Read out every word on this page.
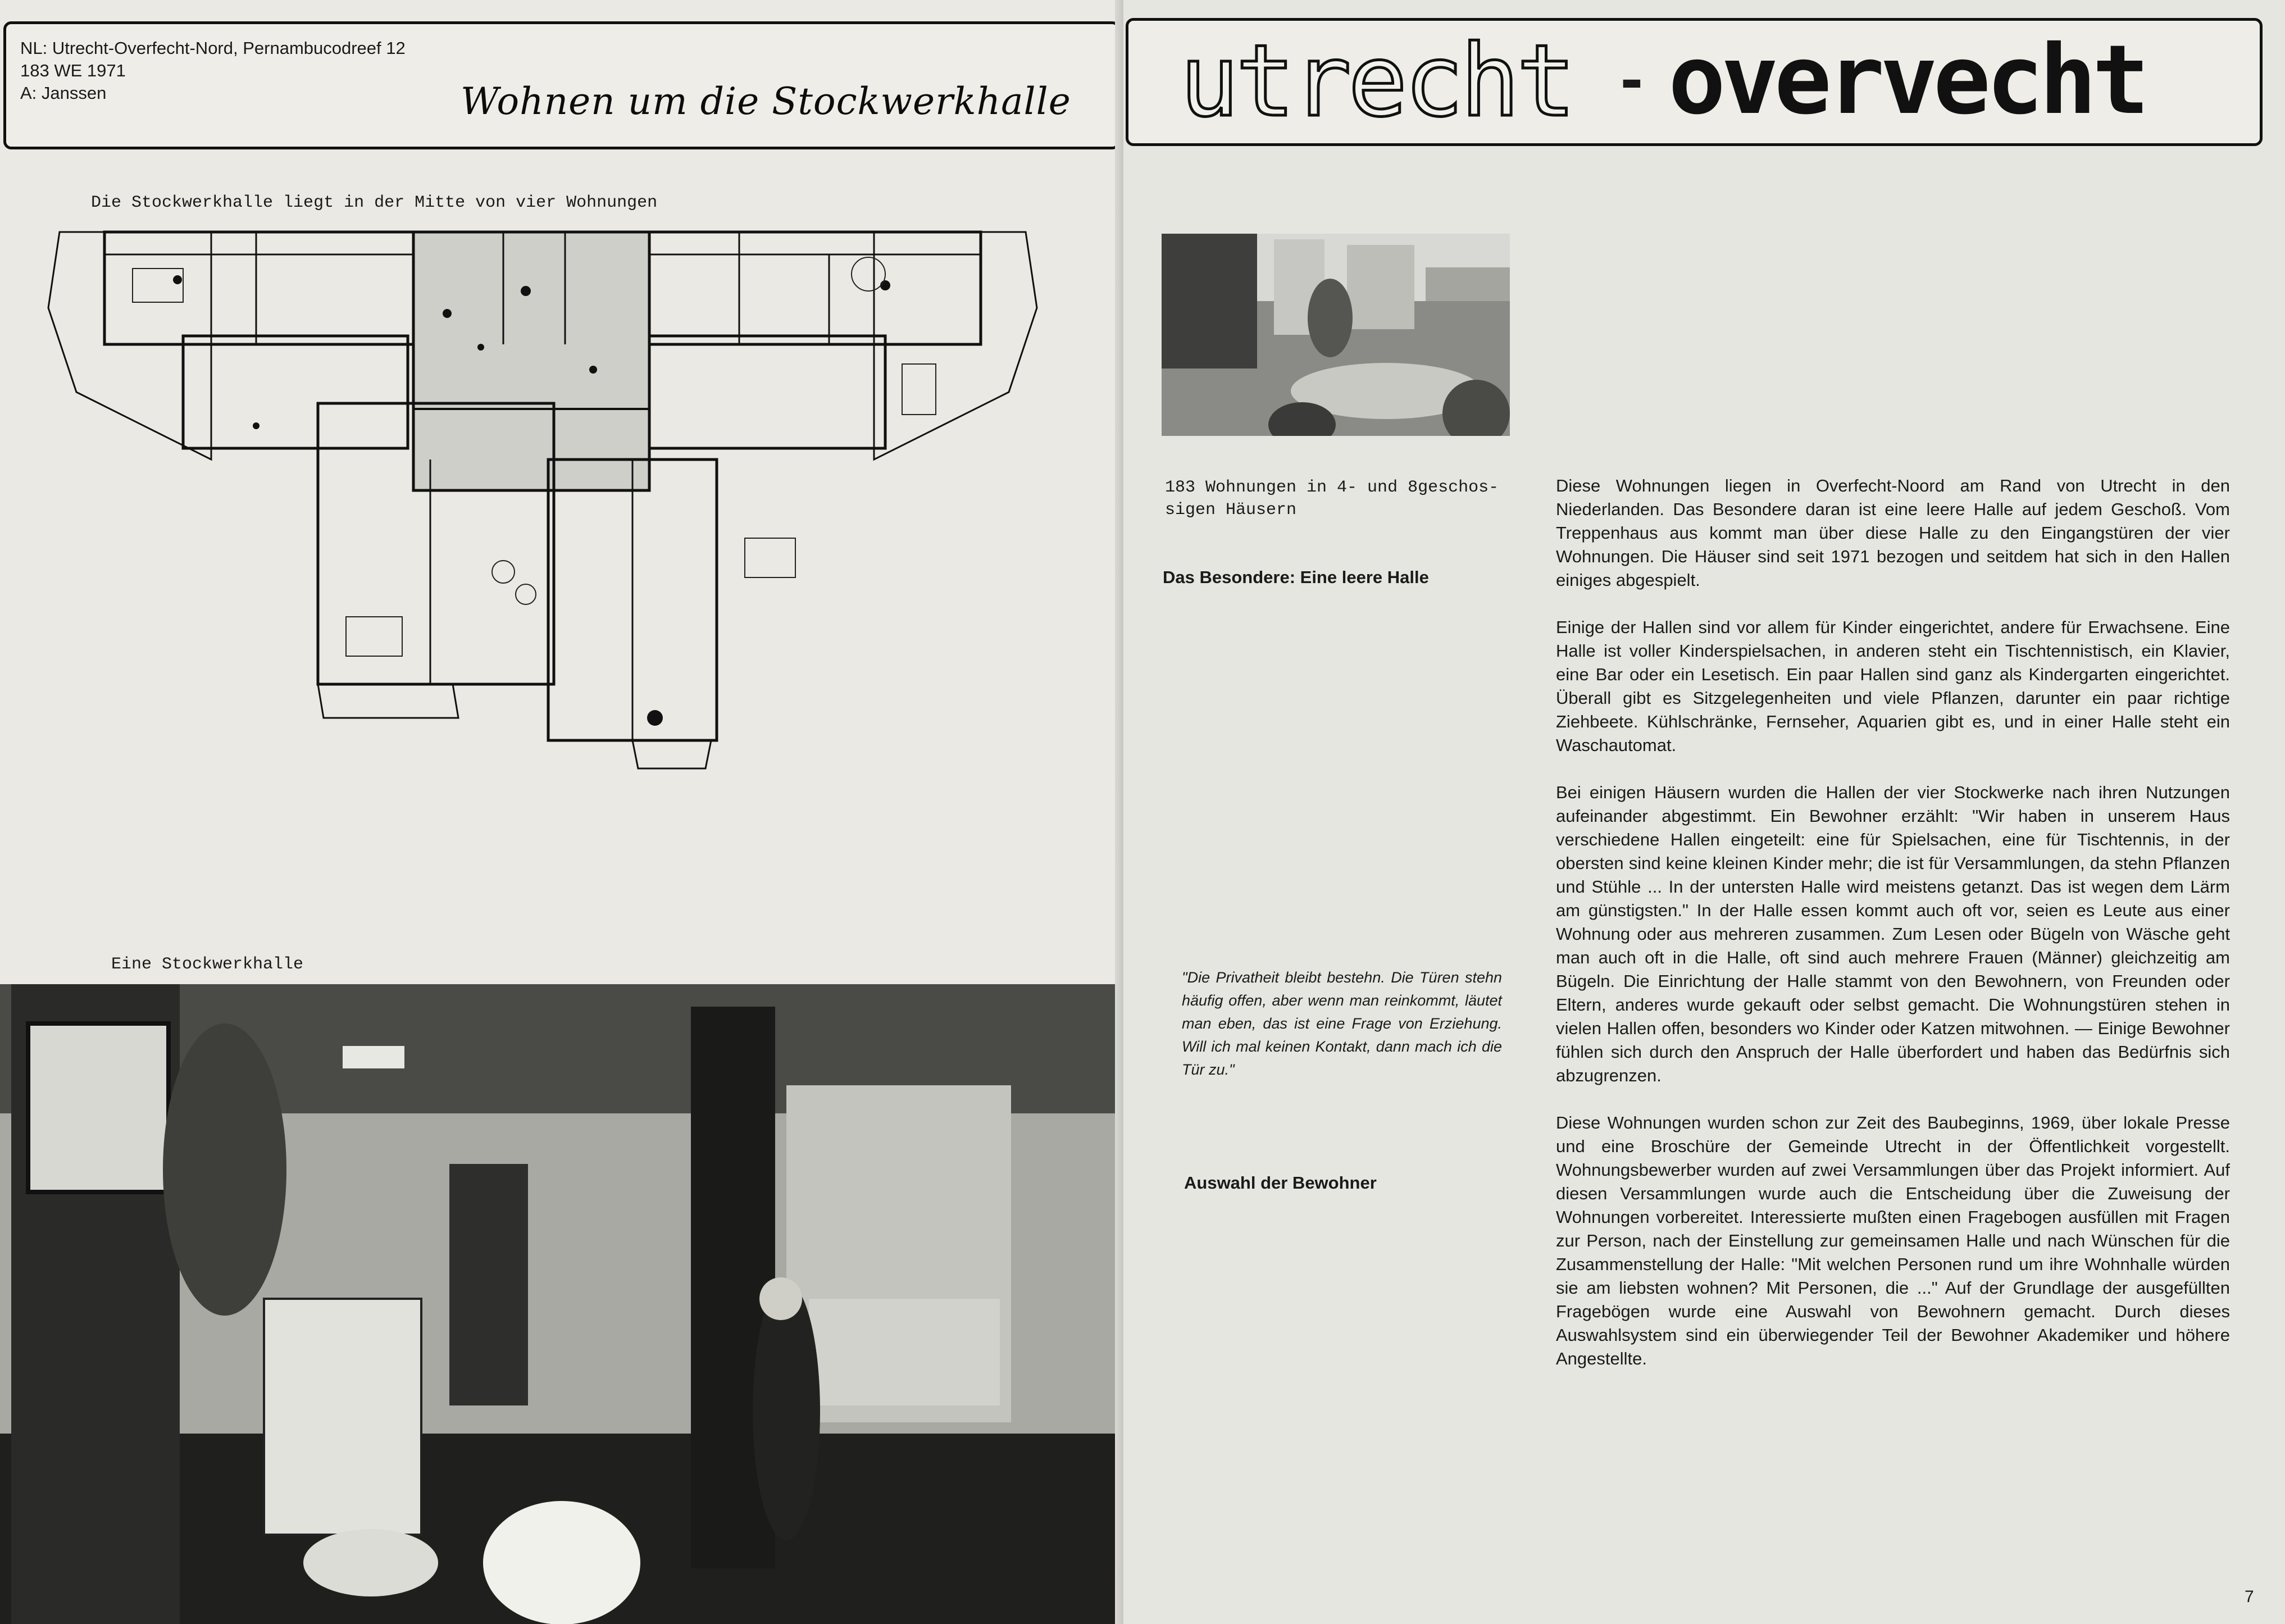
NL: Utrecht-Overfecht-Nord, Pernambucodreef 12
183 WE 1971
A: Janssen	Wohnen um die Stockwerkhalle
Die Stockwerkhalle liegt in der Mitte von vier Wohnungen
Eine Stockwerkhalle
utrecht - overvecht
183 Wohnungen in 4- und 8geschos-
sigen Häusern
Das Besondere: Eine leere Halle
"Die Privatheit bleibt bestehn. Die Türen stehn häufig offen, aber wenn man reinkommt, läutet man eben, das ist eine Frage von Erziehung. Will ich mal keinen Kontakt, dann mach ich die Tür zu."
Auswahl der Bewohner

Diese Wohnungen liegen in Overfecht-Noord am Rand von Utrecht in den Niederlanden. Das Besondere daran ist eine leere Halle auf jedem Geschoß. Vom Treppenhaus aus kommt man über diese Halle zu den Eingangstüren der vier Wohnungen. Die Häuser sind seit 1971 bezogen und seitdem hat sich in den Hallen einiges abgespielt.

Einige der Hallen sind vor allem für Kinder eingerichtet, andere für Erwachsene. Eine Halle ist voller Kinderspielsachen, in anderen steht ein Tischtennistisch, ein Klavier, eine Bar oder ein Lesetisch. Ein paar Hallen sind ganz als Kindergarten eingerichtet. Überall gibt es Sitzgelegenheiten und viele Pflanzen, darunter ein paar richtige Ziehbeete. Kühlschränke, Fernseher, Aquarien gibt es, und in einer Halle steht ein Waschautomat.

Bei einigen Häusern wurden die Hallen der vier Stockwerke nach ihren Nutzungen aufeinander abgestimmt. Ein Bewohner erzählt: "Wir haben in unserem Haus verschiedene Hallen eingeteilt: eine für Spielsachen, eine für Tischtennis, in der obersten sind keine kleinen Kinder mehr; die ist für Versammlungen, da stehn Pflanzen und Stühle ... In der untersten Halle wird meistens getanzt. Das ist wegen dem Lärm am günstigsten." In der Halle essen kommt auch oft vor, seien es Leute aus einer Wohnung oder aus mehreren zusammen. Zum Lesen oder Bügeln von Wäsche geht man auch oft in die Halle, oft sind auch mehrere Frauen (Männer) gleichzeitig am Bügeln. Die Einrichtung der Halle stammt von den Bewohnern, von Freunden oder Eltern, anderes wurde gekauft oder selbst gemacht. Die Wohnungstüren stehen in vielen Hallen offen, besonders wo Kinder oder Katzen mitwohnen. — Einige Bewohner fühlen sich durch den Anspruch der Halle überfordert und haben das Bedürfnis sich abzugrenzen.

Diese Wohnungen wurden schon zur Zeit des Baubeginns, 1969, über lokale Presse und eine Broschüre der Gemeinde Utrecht in der Öffentlichkeit vorgestellt. Wohnungsbewerber wurden auf zwei Versammlungen über das Projekt informiert. Auf diesen Versammlungen wurde auch die Entscheidung über die Zuweisung der Wohnungen vorbereitet. Interessierte mußten einen Fragebogen ausfüllen mit Fragen zur Person, nach der Einstellung zur gemeinsamen Halle und nach Wünschen für die Zusammenstellung der Halle: "Mit welchen Personen rund um ihre Wohnhalle würden sie am liebsten wohnen? Mit Personen, die ..." Auf der Grundlage der ausgefüllten Fragebögen wurde eine Auswahl von Bewohnern gemacht. Durch dieses Auswahlsystem sind ein überwiegender Teil der Bewohner Akademiker und höhere Angestellte.

7
